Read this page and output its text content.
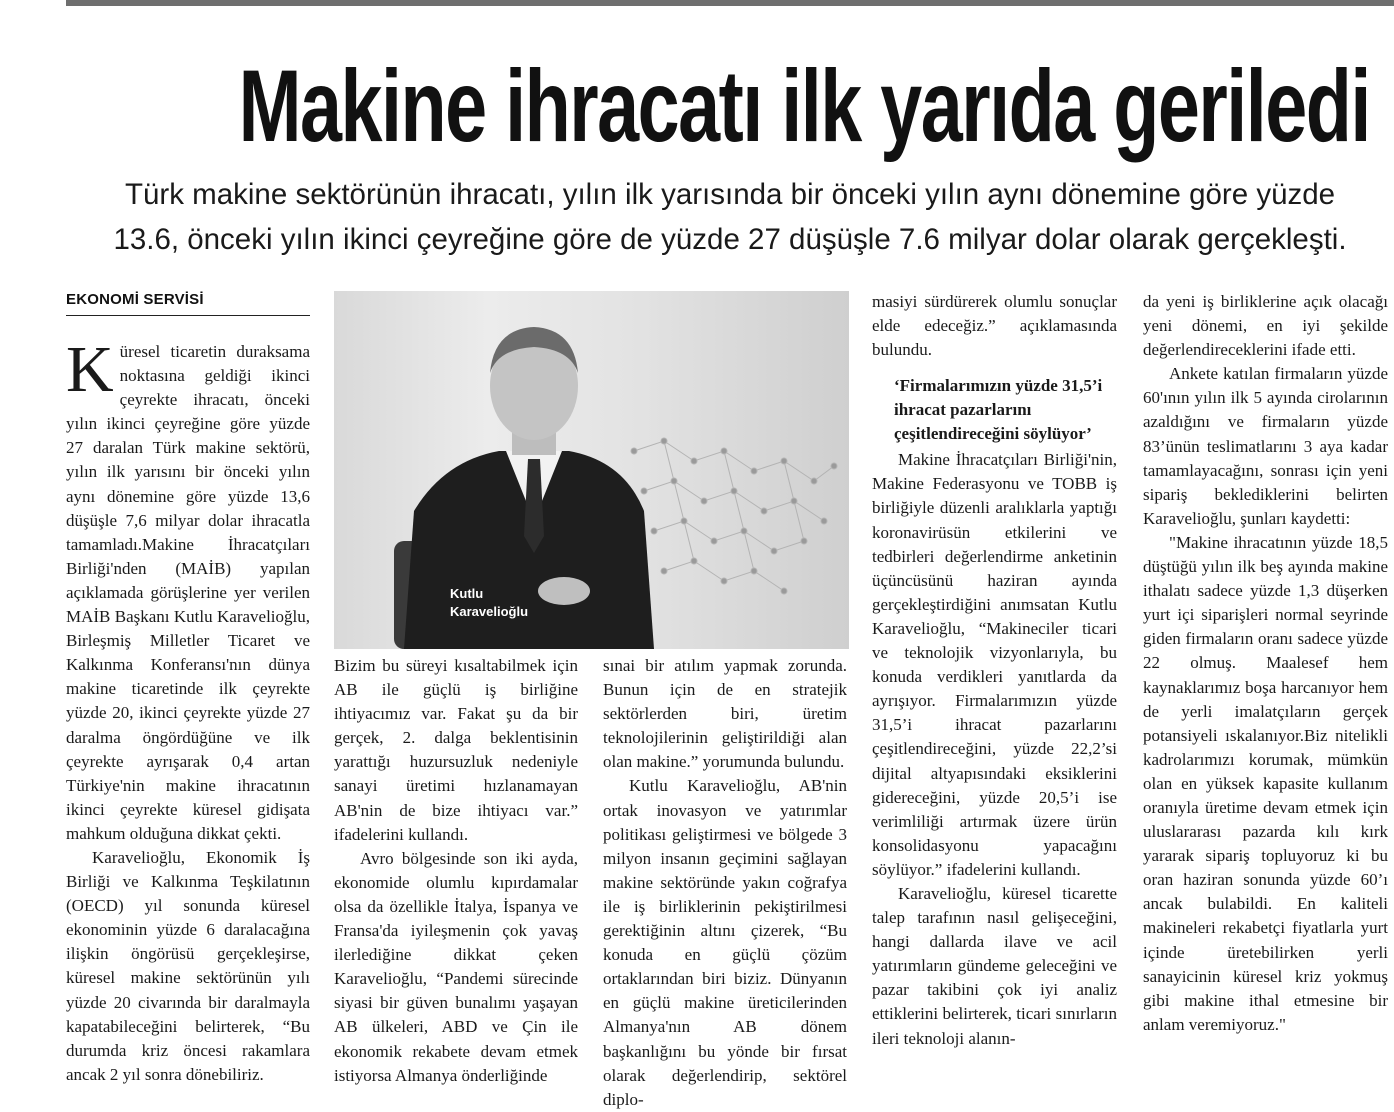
Makine ihracatı ilk yarıda geriledi
Türk makine sektörünün ihracatı, yılın ilk yarısında bir önceki yılın aynı dönemine göre yüzde
13.6, önceki yılın ikinci çeyreğine göre de yüzde 27 düşüşle 7.6 milyar dolar olarak gerçekleşti.
EKONOMİ SERVİSİ

Küresel ticaretin duraksama noktasına geldiği ikinci çeyrekte ihracatı, önceki yılın ikinci çeyreğine göre yüzde 27 daralan Türk makine sektörü, yılın ilk yarısını bir önceki yılın aynı dönemine göre yüzde 13,6 düşüşle 7,6 milyar dolar ihracatla tamamladı.Makine İhracatçıları Birliği'nden (MAİB) yapılan açıklamada görüşlerine yer verilen MAİB Başkanı Kutlu Karavelioğlu, Birleşmiş Milletler Ticaret ve Kalkınma Konferansı'nın dünya makine ticaretinde ilk çeyrekte yüzde 20, ikinci çeyrekte yüzde 27 daralma öngördüğüne ve ilk çeyrekte ayrışarak 0,4 artan Türkiye'nin makine ihracatının ikinci çeyrekte küresel gidişata mahkum olduğuna dikkat çekti.

Karavelioğlu, Ekonomik İş Birliği ve Kalkınma Teşkilatının (OECD) yıl sonunda küresel ekonominin yüzde 6 daralacağına ilişkin öngörüsü gerçekleşirse, küresel makine sektörünün yılı yüzde 20 civarında bir daralmayla kapatabileceğini belirterek, “Bu durumda kriz öncesi rakamlara ancak 2 yıl sonra dönebiliriz.

Kutlu
Karavelioğlu

Bizim bu süreyi kısaltabilmek için AB ile güçlü iş birliğine ihtiyacımız var. Fakat şu da bir gerçek, 2. dalga beklentisinin yarattığı huzursuzluk nedeniyle sanayi üretimi hızlanamayan AB'nin de bize ihtiyacı var.” ifadelerini kullandı.

Avro bölgesinde son iki ayda, ekonomide olumlu kıpırdamalar olsa da özellikle İtalya, İspanya ve Fransa'da iyileşmenin çok yavaş ilerlediğine dikkat çeken Karavelioğlu, “Pandemi sürecinde siyasi bir güven bunalımı yaşayan AB ülkeleri, ABD ve Çin ile ekonomik rekabete devam etmek istiyorsa Almanya önderliğinde

sınai bir atılım yapmak zorunda. Bunun için de en stratejik sektörlerden biri, üretim teknolojilerinin geliştirildiği alan olan makine.” yorumunda bulundu.

Kutlu Karavelioğlu, AB'nin ortak inovasyon ve yatırımlar politikası geliştirmesi ve bölgede 3 milyon insanın geçimini sağlayan makine sektöründe yakın coğrafya ile iş birliklerinin pekiştirilmesi gerektiğinin altını çizerek, “Bu konuda en güçlü çözüm ortaklarından biri biziz. Dünyanın en güçlü makine üreticilerinden Almanya'nın AB dönem başkanlığını bu yönde bir fırsat olarak değerlendirip, sektörel diplo-

masiyi sürdürerek olumlu sonuçlar elde edeceğiz.” açıklamasında bulundu.

‘Firmalarımızın yüzde 31,5’i ihracat pazarlarını çeşitlendireceğini söylüyor’

Makine İhracatçıları Birliği'nin, Makine Federasyonu ve TOBB iş birliğiyle düzenli aralıklarla yaptığı koronavirüsün etkilerini ve tedbirleri değerlendirme anketinin üçüncüsünü haziran ayında gerçekleştirdiğini anımsatan Kutlu Karavelioğlu, “Makineciler ticari ve teknolojik vizyonlarıyla, bu konuda verdikleri yanıtlarda da ayrışıyor. Firmalarımızın yüzde 31,5’i ihracat pazarlarını çeşitlendireceğini, yüzde 22,2’si dijital altyapısındaki eksiklerini gidereceğini, yüzde 20,5’i ise verimliliği artırmak üzere ürün konsolidasyonu yapacağını söylüyor.” ifadelerini kullandı.

Karavelioğlu, küresel ticarette talep tarafının nasıl gelişeceğini, hangi dallarda ilave ve acil yatırımların gündeme geleceğini ve pazar takibini çok iyi analiz ettiklerini belirterek, ticari sınırların ileri teknoloji alanın-

da yeni iş birliklerine açık olacağı yeni dönemi, en iyi şekilde değerlendireceklerini ifade etti.

Ankete katılan firmaların yüzde 60'ının yılın ilk 5 ayında cirolarının azaldığını ve firmaların yüzde 83’ünün teslimatlarını 3 aya kadar tamamlayacağını, sonrası için yeni sipariş beklediklerini belirten Karavelioğlu, şunları kaydetti:

"Makine ihracatının yüzde 18,5 düştüğü yılın ilk beş ayında makine ithalatı sadece yüzde 1,3 düşerken yurt içi siparişleri normal seyrinde giden firmaların oranı sadece yüzde 22 olmuş. Maalesef hem kaynaklarımız boşa harcanıyor hem de yerli imalatçıların gerçek potansiyeli ıskalanıyor.Biz nitelikli kadrolarımızı korumak, mümkün olan en yüksek kapasite kullanım oranıyla üretime devam etmek için uluslararası pazarda kılı kırk yararak sipariş topluyoruz ki bu oran haziran sonunda yüzde 60’ı ancak bulabildi. En kaliteli makineleri rekabetçi fiyatlarla yurt içinde üretebilirken yerli sanayicinin küresel kriz yokmuş gibi makine ithal etmesine bir anlam veremiyoruz."
